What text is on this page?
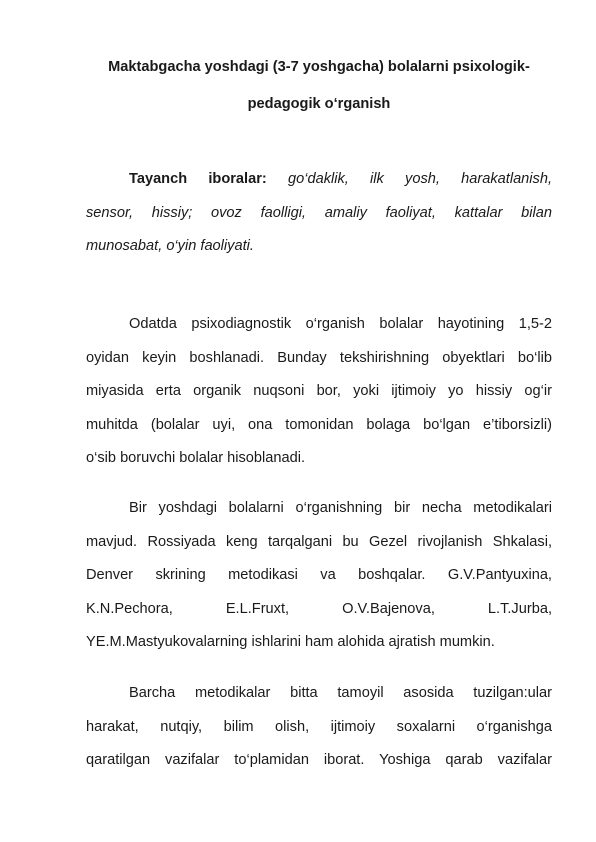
Maktabgacha yoshdagi (3-7 yoshgacha) bolalarni psixologik-

pedagogik o‘rganish

Tayanch iboralar: go‘daklik, ilk yosh, harakatlanish,
sensor, hissiy; ovoz faolligi, amaliy faoliyat, kattalar bilan
munosabat, o‘yin faoliyati.
Odatda psixodiagnostik o‘rganish bolalar hayotining 1,5-2
oyidan keyin boshlanadi. Bunday tekshirishning obyektlari bo‘lib
miyasida erta organik nuqsoni bor, yoki ijtimoiy yo hissiy og‘ir
muhitda (bolalar uyi, ona tomonidan bolaga bo‘lgan e’tiborsizli)
o‘sib boruvchi bolalar hisoblanadi.
Bir yoshdagi bolalarni o‘rganishning bir necha metodikalari
mavjud. Rossiyada keng tarqalgani bu Gezel rivojlanish Shkalasi,
Denver skrining metodikasi va boshqalar. G.V.Pantyuxina,
K.N.Pechora, E.L.Fruxt, O.V.Bajenova, L.T.Jurba,
YE.M.Mastyukovalarning ishlarini ham alohida ajratish mumkin.
Barcha metodikalar bitta tamoyil asosida tuzilgan:ular
harakat, nutqiy, bilim olish, ijtimoiy soxalarni o‘rganishga
qaratilgan vazifalar to‘plamidan iborat. Yoshiga qarab vazifalar
